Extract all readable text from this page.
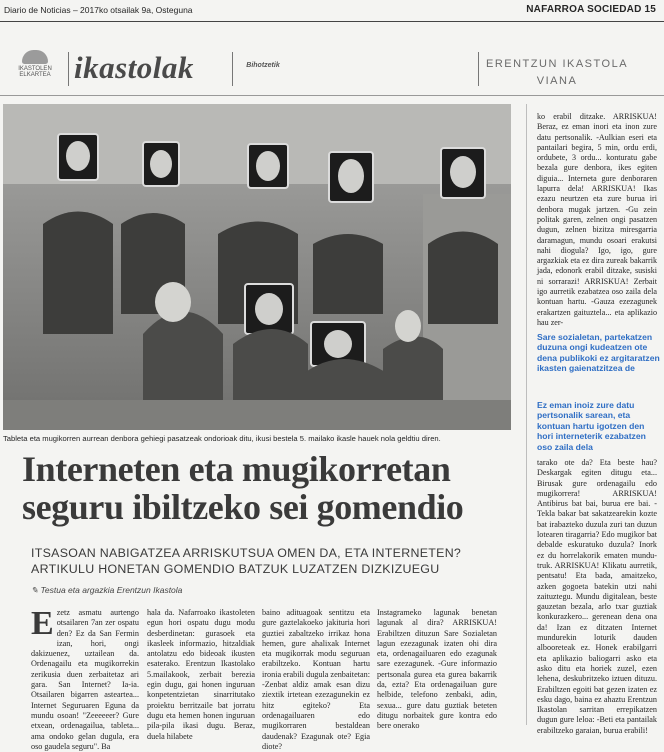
Diario de Noticias – 2017ko otsailak 9a, Osteguna	NAFARROA SOCIEDAD 15
IKASTOLEN ELKARTEA ikastolak	Bihotzetik	ERENTZUN IKASTOLA
VIANA
Tableta eta mugikorren aurrean denbora gehiegi pasatzeak ondorioak ditu, ikusi bestela 5. mailako ikasle hauek nola geldtiu diren.
Interneten eta mugikorretan seguru ibiltzeko sei gomendio
ITSASOAN NABIGATZEA ARRISKUTSUA OMEN DA, ETA INTERNETEN? ARTIKULU HONETAN GOMENDIO BATZUK LUZATZEN DIZKIZUEGU
✎ Testua eta argazkia Erentzun Ikastola
E zetz asmatu aurtengo otsailaren 7an zer ospatu den? Ez da San Fermin izan, hori, ongi dakizuenez, uztailean da. Ordenagailu eta mugikorrekin zerikusia duen zerbaitetaz ari gara. San Internet? Ia-ia. Otsailaren bigarren astearteа... Internet Seguruaren Eguna da mundu osoan! "Zeeeeeer? Gure etxean, ordenagailua, tableta... ama ondoko gelan dugula, era oso gaudela seguru". Ba
hala da. Nafarroako ikastoleten egun hori ospatu dugu modu desberdinetan: gurasoek eta ikasleek informazio, hitzaldiak antolatzu edo bideoak ikusten esaterako. Erentzun Ikastolako 5.mailakook, zerbait berezia egin dugu, gai honen inguruan konpetentzietan sinarritutako proiektu berritzaile bat jorratu dugu eta hemen honen inguruan pila-pila ikasi dugu. Beraz, duela hilabete
baino adituagoak sentitzu eta gure gaztelakoeko jakituria hori guztiei zabaltzeko irrikaz hona hemen, gure ahalixak Internet eta mugikorrak modu seguruan erabiltzeko. Kontuan hartu ironia erabili dugula zenbaitetan: -Zenbat aldiz amak esan dizu ziextik irtetean ezezagunekin ez hitz egiteko? Eta ordenagailuaren edo mugikorraren bestaldean daudenak? Ezagunak ote? Egia diote?
Instagrameko lagunak benetan lagunak al dira? ARRISKUA! Erabiltzen dituzun Sare Sozialetan lagun ezezagunak izaten ohi dira eta, ordenagailuaren edo ezagunak sare ezezagunek. -Gure informazio pertsonala gurea eta gurea bakarrik da, ezta? Eta ordenagailuan gure helbide, telefono zenbaki, adin, sexua... gure datu guztiak beteten ditugu norbaitek gure kontra edo bere onerako
ko erabil ditzake. ARRISKUA! Beraz, ez eman inori eta inon zure datu pertsonalik. -Aulkian eseri eta pantailari begira, 5 min, ordu erdi, ordubete, 3 ordu... konturatu gabe bezala gure denbora, ikes egiten diguia... Interneta gure denboraren lapurra dela! ARRISKUA! Ikas ezazu neurtzen eta zure burua iri denbora mugak jartzen. -Gu zein politak garen, zelnen ongi pasatzen dugun, zelnen bizitza miresgarria daramagun, mundu osoari erakutsi nahi diogula? Igo, igo, gure argazkiak eta ez dira zureak bakarrik jada, edonork erabil ditzake, susiski ni sorrarazi! ARRISKUA! Zerbait igo aurretik ezabatzea oso zaila dela kontuan hartu. -Gauza ezezagunek erakartzen gaituztela... eta aplikazio hau zer-
Sare sozialetan, partekatzen duzuna ongi kudeatzen ote dena publikoki ez argitaratzen ikasten gaienatzitzea de
Ez eman inoiz zure datu pertsonalik sarean, eta kontuan hartu igotzen den hori interneterik ezabatzen oso zaila dela
tarako ote da? Eta beste hau? Deskargak egiten ditugu eta... Birusak gure ordenagailu edo mugikorrera! ARRISKUA! Antibirus bat bai, burua ere bai. -Tekla bakar bat sakatzearekin kozte bat irabazteko duzula zuri tan duzun lotearen tiragarria? Edo mugikor bat debalde eskuratuko duzula? Inork ez du horrelakorik ematen mundu-truk. ARRISKUA! Klikatu aurretik, pentsatu! Eta bada, amaitzeko, azken gogoeta batekin utzi nahi zaituztegu. Mundu digitalean, beste gauzetan bezala, arlo txar guztiak konkurazkero... gerenean dena ona da! Izan ez ditzaten Internet mundurekin loturik dauden albooreteak ez. Honek erabilgarri eta aplikazio baliogarri asko eta asko ditu eta horiek zuzel, ezen lehenа, deskubritzeko iztuen dituzu. Erabiltzen egoiti bat gezen izaten ez esku dago, baina ez ahaztu Erentzun Ikastolan sarritan errepikatzen dugun gure leloa: -Beti eta pantailak erabiltzeko garaian, burua erabili!
